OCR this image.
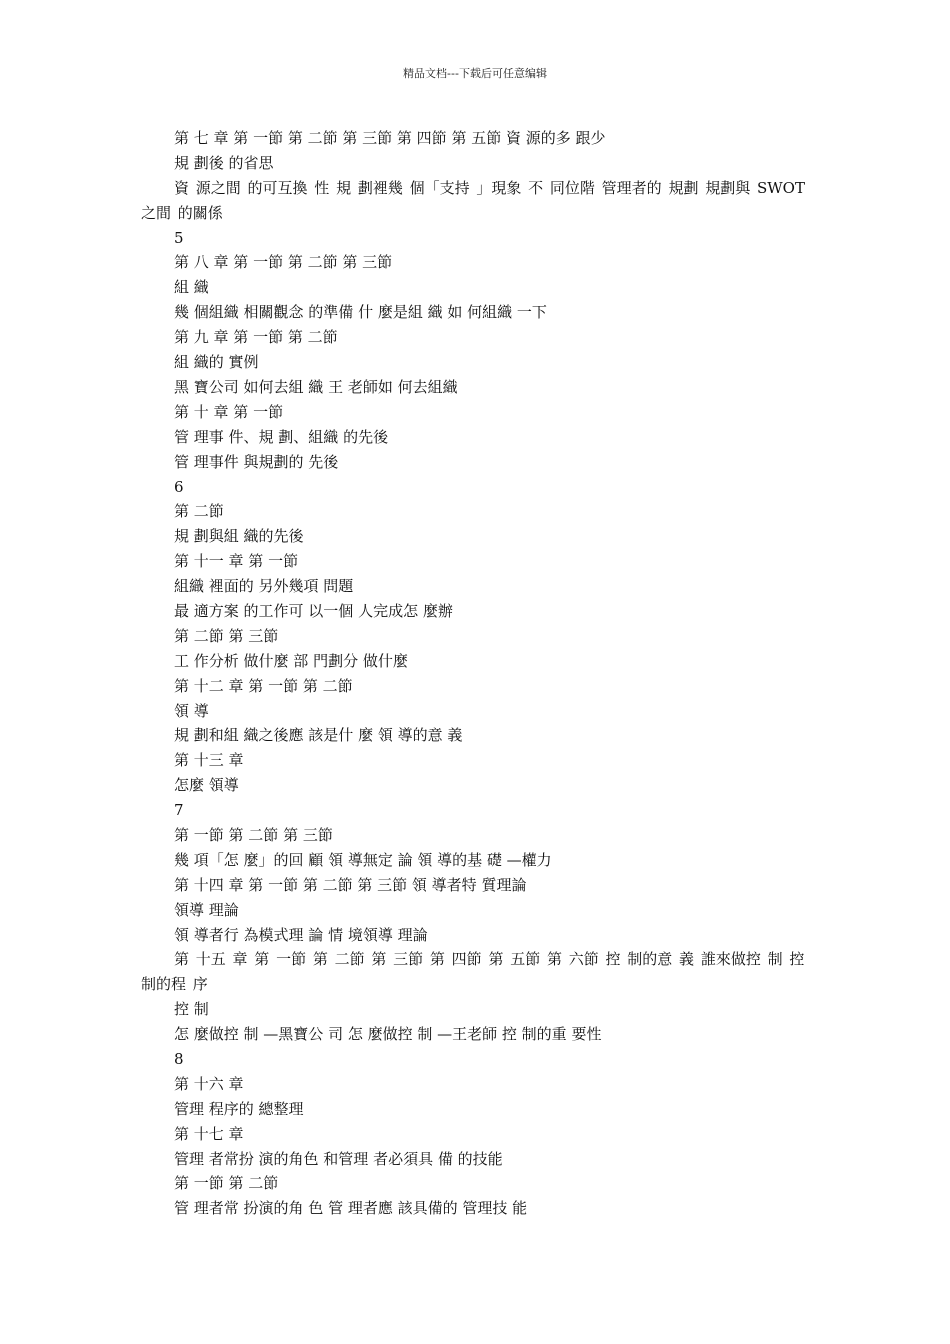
精品文档---下载后可任意编辑
第 七 章 第 一節 第 二節 第 三節 第 四節 第 五節 資 源的多 跟少
規 劃後 的省思
資 源之間 的可互換 性 規 劃裡幾 個「支持 」現象 不 同位階 管理者的 規劃 規劃與 SWOT 之間 的關係
5
第 八 章 第 一節 第 二節 第 三節
組 織
幾 個組織 相關觀念 的準備 什 麼是組 織 如 何組織 一下
第 九 章 第 一節 第 二節
組 織的 實例
黑 寶公司 如何去組 織 王 老師如 何去組織
第 十 章 第 一節
管 理事 件、規 劃、組織 的先後
管 理事件 與規劃的 先後
6
第 二節
規 劃與組 織的先後
第 十一 章 第 一節
組織 裡面的 另外幾項 問題
最 適方案 的工作可 以一個 人完成怎 麼辦
第 二節 第 三節
工 作分析 做什麼 部 門劃分 做什麼
第 十二 章 第 一節 第 二節
領 導
規 劃和組 織之後應 該是什 麼 領 導的意 義
第 十三 章
怎麼 領導
7
第 一節 第 二節 第 三節
幾 項「怎 麼」的回 顧 領 導無定 論 領 導的基 礎 —權力
第 十四 章 第 一節 第 二節 第 三節 領 導者特 質理論
領導 理論
領 導者行 為模式理 論 情 境領導 理論
第 十五 章 第 一節 第 二節 第 三節 第 四節 第 五節 第 六節 控 制的意 義 誰來做控 制 控 制的程 序
控 制
怎 麼做控 制 —黑寶公 司 怎 麼做控 制 —王老師 控 制的重 要性
8
第 十六 章
管理 程序的 總整理
第 十七 章
管理 者常扮 演的角色 和管理 者必須具 備 的技能
第 一節 第 二節
管 理者常 扮演的角 色 管 理者應 該具備的 管理技 能
